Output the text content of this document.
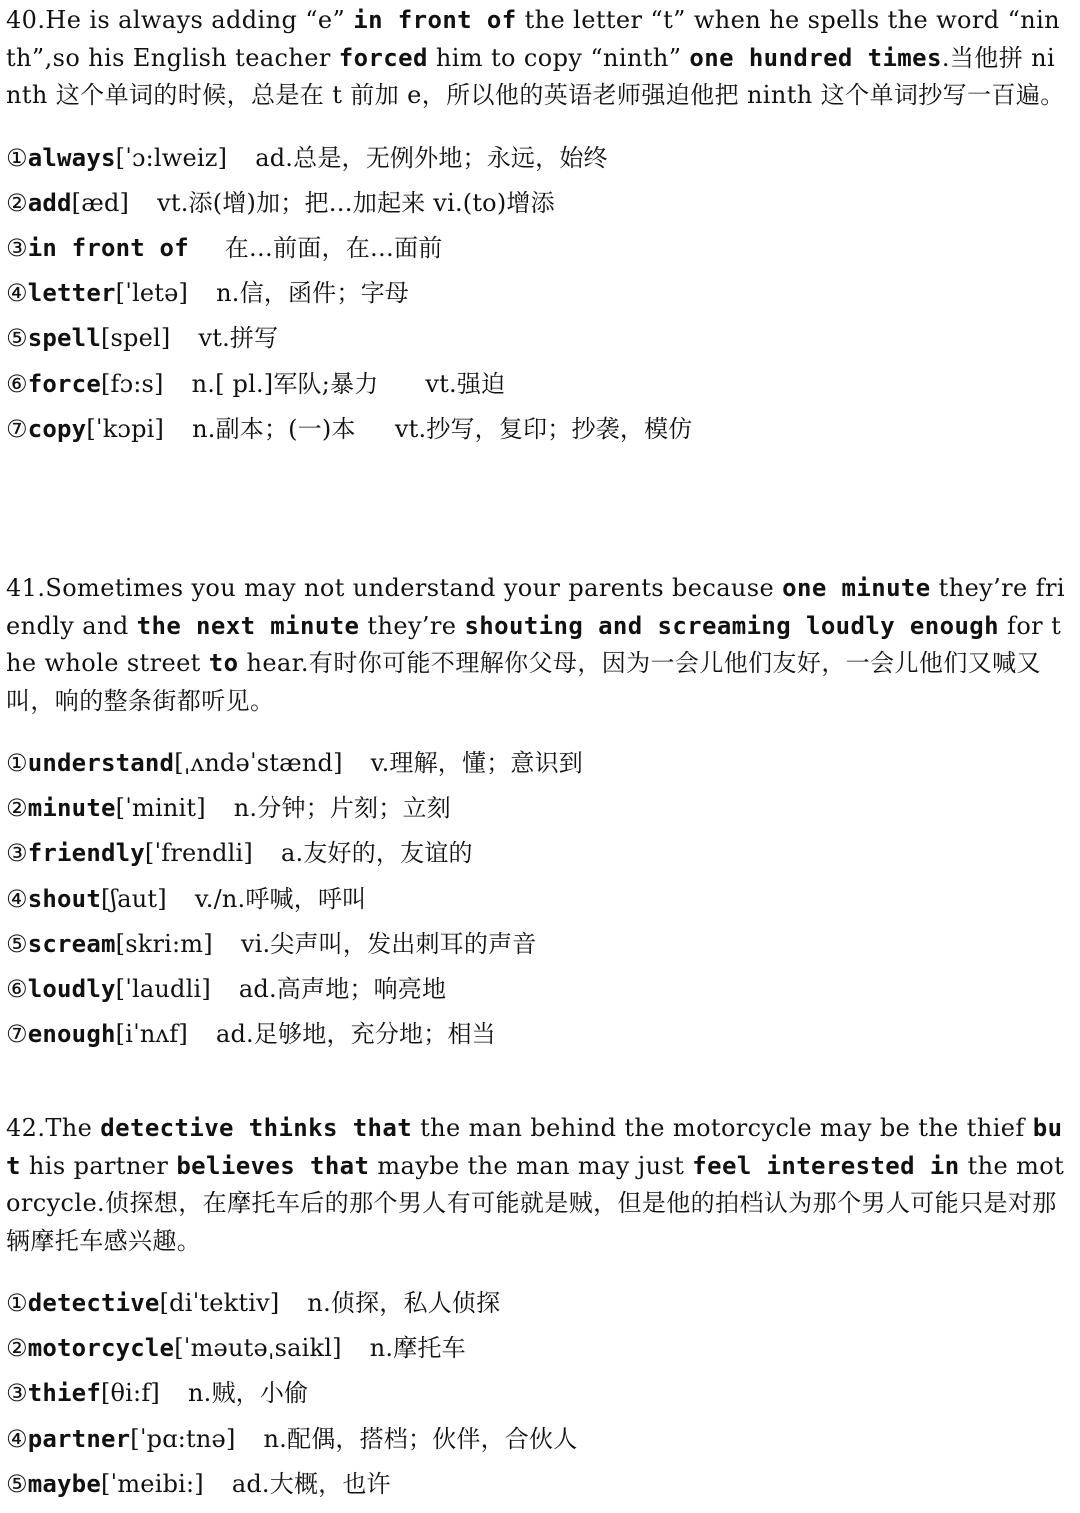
40.He is always adding “e” in front of the letter “t” when he spells the word “ninth”,so his English teacher forced him to copy “ninth” one hundred times.当他拼 ninth 这个单词的时候，总是在 t 前加 e，所以他的英语老师强迫他把 ninth 这个单词抄写一百遍。

①always[ˈɔ:lweiz] ad.总是，无例外地；永远，始终
②add[æd] vt.添(增)加；把…加起来 vi.(to)增添
③in front of 在…前面，在…面前
④letter[ˈletə] n.信，函件；字母
⑤spell[spel] vt.拼写
⑥force[fɔ:s] n.[ pl.]军队;暴力      vt.强迫
⑦copy[ˈkɔpi] n.副本；(一)本     vt.抄写，复印；抄袭，模仿

41.Sometimes you may not understand your parents because one minute they’re friendly and the next minute they’re shouting and screaming loudly enough for the whole street to hear.有时你可能不理解你父母，因为一会儿他们友好，一会儿他们又喊又叫，响的整条街都听见。

①understand[ˌʌndəˈstænd] v.理解，懂；意识到
②minute[ˈminit] n.分钟；片刻；立刻
③friendly[ˈfrendli] a.友好的，友谊的
④shout[ʃaut] v./n.呼喊，呼叫
⑤scream[skri:m] vi.尖声叫，发出刺耳的声音
⑥loudly[ˈlaudli] ad.高声地；响亮地
⑦enough[iˈnʌf] ad.足够地，充分地；相当

42.The detective thinks that the man behind the motorcycle may be the thief but his partner believes that maybe the man may just feel interested in the motorcycle.侦探想，在摩托车后的那个男人有可能就是贼，但是他的拍档认为那个男人可能只是对那辆摩托车感兴趣。

①detective[diˈtektiv] n.侦探，私人侦探
②motorcycle[ˈməutəˌsaikl] n.摩托车
③thief[θi:f] n.贼，小偷
④partner[ˈpɑ:tnə] n.配偶，搭档；伙伴，合伙人
⑤maybe[ˈmeibi:] ad.大概，也许
